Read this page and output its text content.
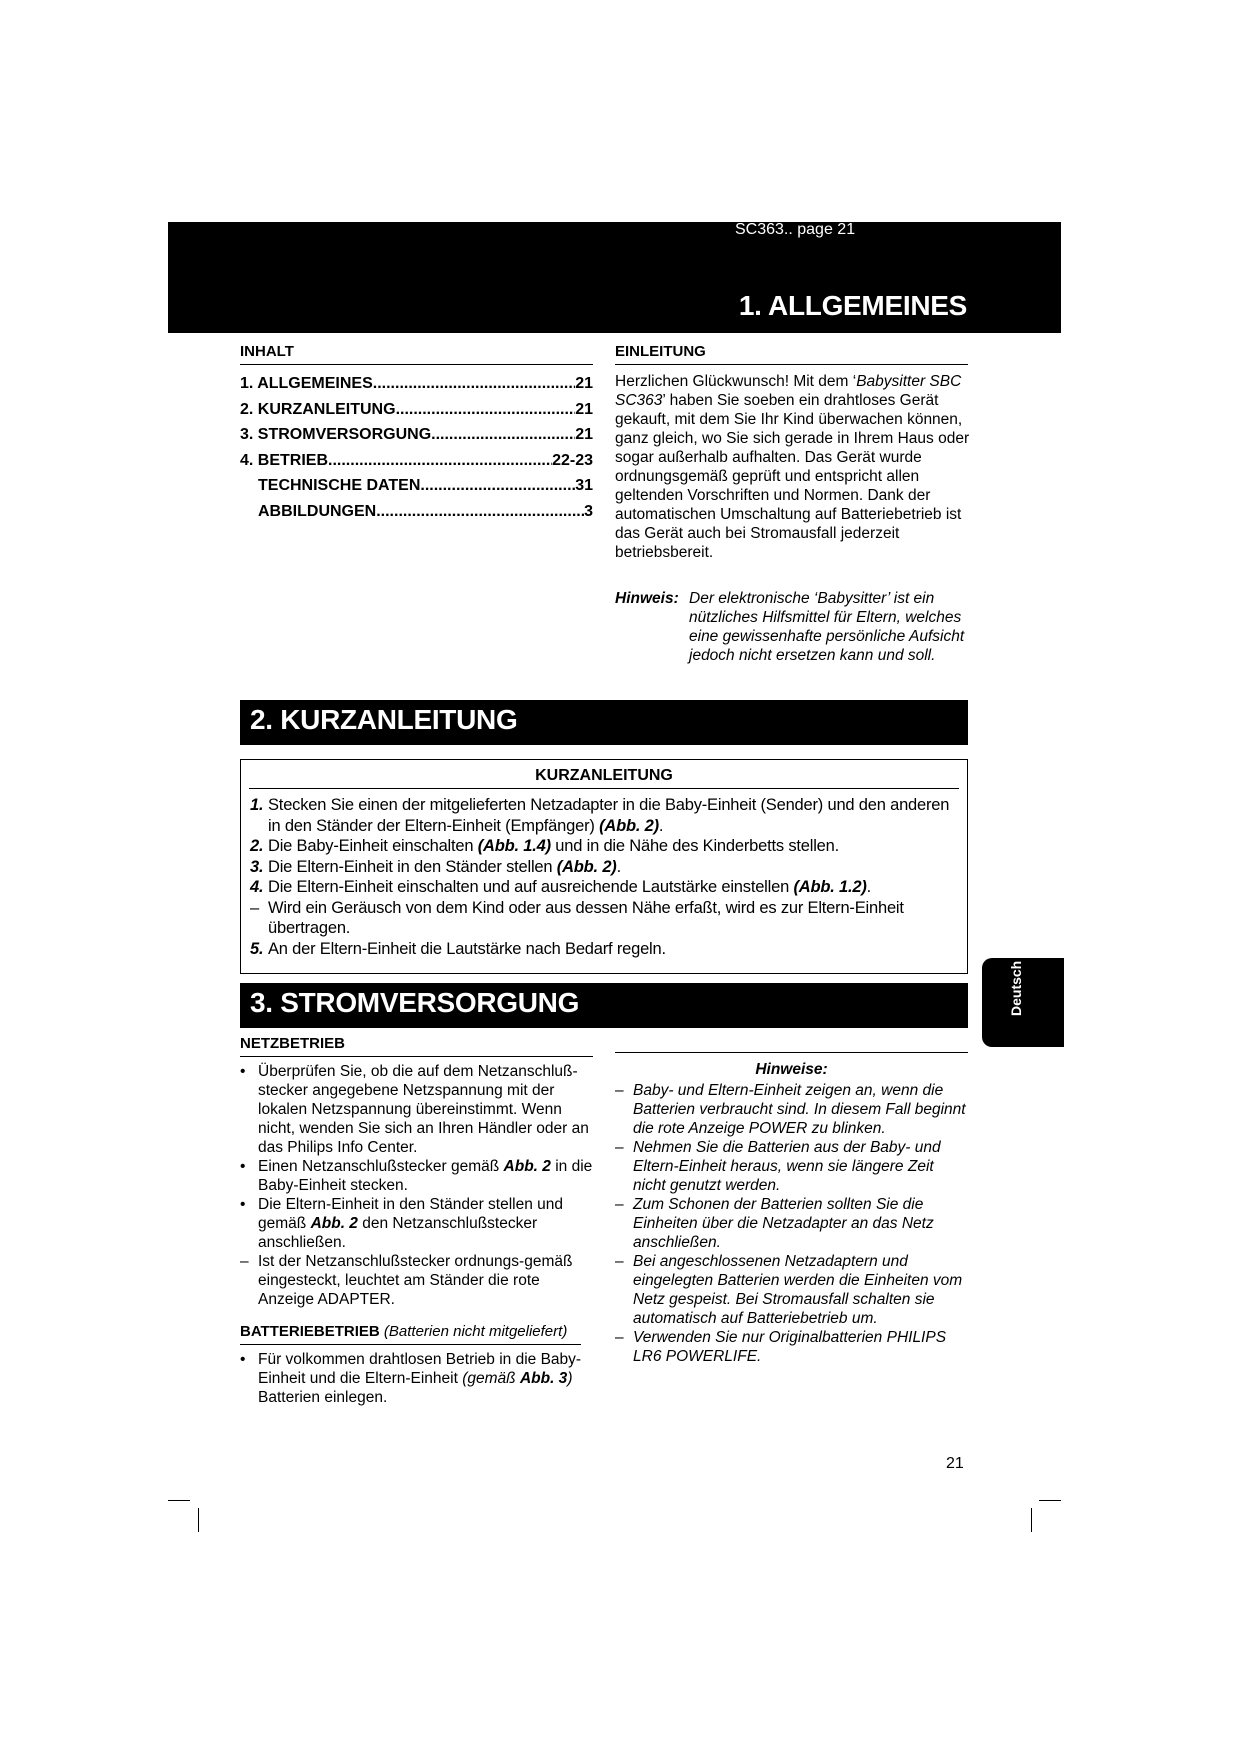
SC363.. page 21
1. ALLGEMEINES
INHALT
1. ALLGEMEINES .....	21
2. KURZANLEITUNG .....	21
3. STROMVERSORGUNG .....	21
4. BETRIEB .....	22-23
TECHNISCHE DATEN .....	31
ABBILDUNGEN .....	3
EINLEITUNG
Herzlichen Glückwunsch! Mit dem ‘Babysitter SBC SC363’ haben Sie soeben ein drahtloses Gerät gekauft, mit dem Sie Ihr Kind überwachen können, ganz gleich, wo Sie sich gerade in Ihrem Haus oder sogar außerhalb aufhalten. Das Gerät wurde ordnungsgemäß geprüft und entspricht allen geltenden Vorschriften und Normen. Dank der automatischen Umschaltung auf Batteriebetrieb ist das Gerät auch bei Stromausfall jederzeit betriebsbereit.
Hinweis: Der elektronische ‘Babysitter’ ist ein nützliches Hilfsmittel für Eltern, welches eine gewissenhafte persönliche Aufsicht jedoch nicht ersetzen kann und soll.
2. KURZANLEITUNG
KURZANLEITUNG
1. Stecken Sie einen der mitgelieferten Netzadapter in die Baby-Einheit (Sender) und den anderen in den Ständer der Eltern-Einheit (Empfänger) (Abb. 2).
2. Die Baby-Einheit einschalten (Abb. 1.4) und in die Nähe des Kinderbetts stellen.
3. Die Eltern-Einheit in den Ständer stellen (Abb. 2).
4. Die Eltern-Einheit einschalten und auf ausreichende Lautstärke einstellen (Abb. 1.2).
– Wird ein Geräusch von dem Kind oder aus dessen Nähe erfaßt, wird es zur Eltern-Einheit übertragen.
5. An der Eltern-Einheit die Lautstärke nach Bedarf regeln.
3. STROMVERSORGUNG
NETZBETRIEB
• Überprüfen Sie, ob die auf dem Netzanschluß-stecker angegebene Netzspannung mit der lokalen Netzspannung übereinstimmt. Wenn nicht, wenden Sie sich an Ihren Händler oder an das Philips Info Center.
• Einen Netzanschlußstecker gemäß Abb. 2 in die Baby-Einheit stecken.
• Die Eltern-Einheit in den Ständer stellen und gemäß Abb. 2 den Netzanschlußstecker anschließen.
– Ist der Netzanschlußstecker ordnungs-gemäß eingesteckt, leuchtet am Ständer die rote Anzeige ADAPTER.
BATTERIEBETRIEB (Batterien nicht mitgeliefert)
• Für volkommen drahtlosen Betrieb in die Baby-Einheit und die Eltern-Einheit (gemäß Abb. 3) Batterien einlegen.
Hinweise:
– Baby- und Eltern-Einheit zeigen an, wenn die Batterien verbraucht sind. In diesem Fall beginnt die rote Anzeige POWER zu blinken.
– Nehmen Sie die Batterien aus der Baby- und Eltern-Einheit heraus, wenn sie längere Zeit nicht genutzt werden.
– Zum Schonen der Batterien sollten Sie die Einheiten über die Netzadapter an das Netz anschließen.
– Bei angeschlossenen Netzadaptern und eingelegten Batterien werden die Einheiten vom Netz gespeist. Bei Stromausfall schalten sie automatisch auf Batteriebetrieb um.
– Verwenden Sie nur Originalbatterien PHILIPS LR6 POWERLIFE.
Deutsch
21
